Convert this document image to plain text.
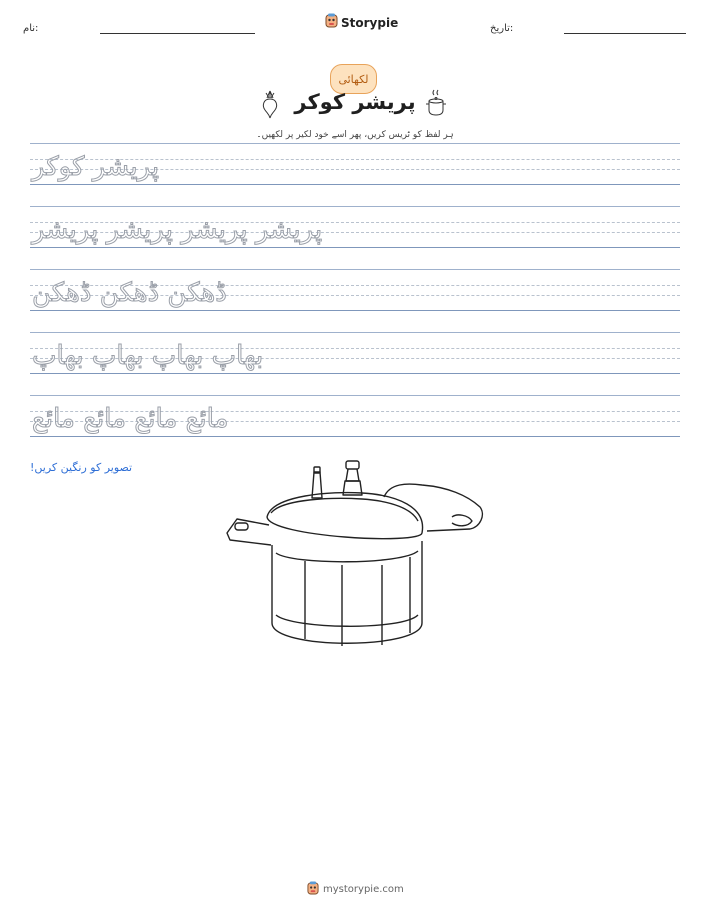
نام:	Storypie	تاریخ:
لکھائی
پریشر کوکر
ہر لفظ کو ٹریس کریں، پھر اسے خود لکیر پر لکھیں۔
پریشر کوکر
پریشر پریشر پریشر پریشر
ڈھکن ڈھکن ڈھکن
بھاپ بھاپ بھاپ بھاپ
مائع مائع مائع مائع
تصویر کو رنگین کریں!
mystorypie.com
